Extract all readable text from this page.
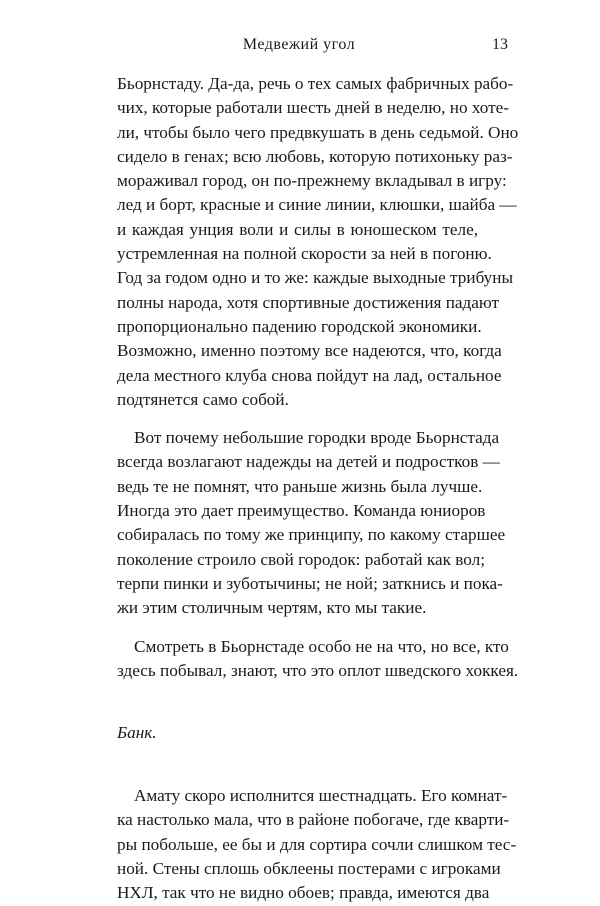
Медвежий угол	13
Бьорнстаду. Да-да, речь о тех самых фабричных рабо-
чих, которые работали шесть дней в неделю, но хоте-
ли, чтобы было чего предвкушать в день седьмой. Оно
сидело в генах; всю любовь, которую потихоньку раз-
мораживал город, он по-прежнему вкладывал в игру:
лед и борт, красные и синие линии, клюшки, шайба —
и каждая унция воли и силы в юношеском теле,
устремленная на полной скорости за ней в погоню.
Год за годом одно и то же: каждые выходные трибуны
полны народа, хотя спортивные достижения падают
пропорционально падению городской экономики.
Возможно, именно поэтому все надеются, что, когда
дела местного клуба снова пойдут на лад, остальное
подтянется само собой.
Вот почему небольшие городки вроде Бьорнстада
всегда возлагают надежды на детей и подростков —
ведь те не помнят, что раньше жизнь была лучше.
Иногда это дает преимущество. Команда юниоров
собиралась по тому же принципу, по какому старшее
поколение строило свой городок: работай как вол;
терпи пинки и зуботычины; не ной; заткнись и пока-
жи этим столичным чертям, кто мы такие.
Смотреть в Бьорнстаде особо не на что, но все, кто
здесь побывал, знают, что это оплот шведского хоккея.
Банк.
Амату скоро исполнится шестнадцать. Его комнат-
ка настолько мала, что в районе побогаче, где кварти-
ры побольше, ее бы и для сортира сочли слишком тес-
ной. Стены сплошь обклеены постерами с игроками
НХЛ, так что не видно обоев; правда, имеются два
